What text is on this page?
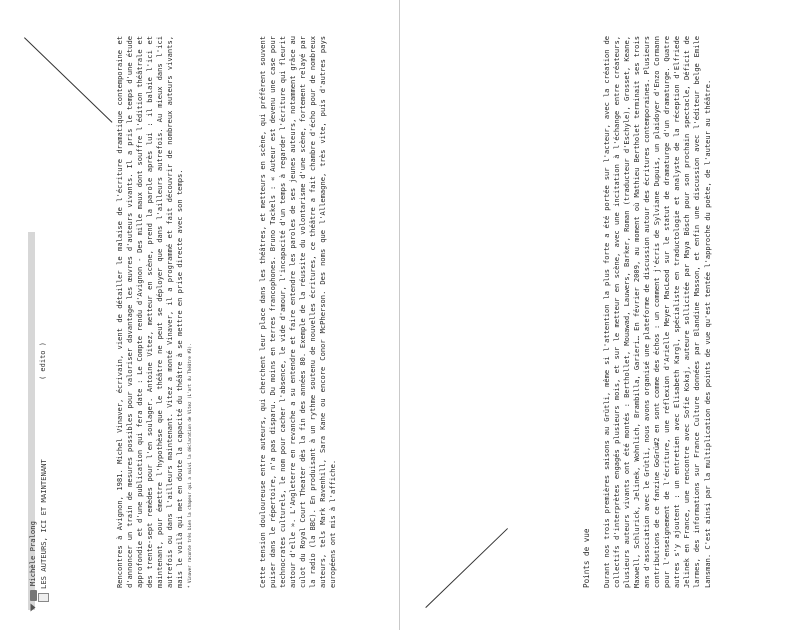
Michèle Pralong LES AUTEURS, ICI ET MAINTENANT
( edito )	Rencontres à Avignon, 1981. Michel Vinaver, écrivain, vient de détailler le malaise de l'écriture dramatique contemporaine et d'annoncer un train de mesures possibles pour valoriser davantage les œuvres d'auteurs vivants. Il a pris le temps d'une étude approfondie et d'une publication qui fera date : Le Compte rendu d'Avignon - Des mille maux dont souffre l'édition théâtrale et des trente-sept remèdes pour l'en soulager. Antoine Vitez, metteur en scène, prend la parole après lui : il balaie l'ici et maintenant, pour émettre l'hypothèse que le théâtre ne peut se déployer que dans l'ailleurs autrefois. Au mieux dans l'ici autrefois ou dans l'ailleurs maintenant. Vitez a monté Vinaver, il a programmé et fait découvrir de nombreux auteurs vivants, mais le voilà qui met en doute la capacité du théâtre à se mettre en prise directe avec son temps. * Vinaver raconte très bien la chapeur qui a suivi la déclaration de Vitez (L'art du Théâtre #3).	Cette tension douloureuse entre auteurs, qui cherchent leur place dans les théâtres, et metteurs en scène, qui préfèrent souvent puiser dans le répertoire, n'a pas disparu. Du moins en terres francophones. Bruno Tackels : « Auteur est devenu une case pour technocrates culturels, le nom pour cacher l'absence, le vide d'amour, l'incapacité d'un temps à regarder l'écriture qui fleurit autour d'elle ». L'Angleterre en revanche a su entendre et faire entendre les paroles de ses jeunes auteurs, notamment grâce au culot du Royal Court Theater dès la fin des années 80. Exemple de la réussite du volontarisme d'une scène, fortement relayé par la radio (la BBC). En produisant à un rythme soutenu de nouvelles écritures, ce théâtre a fait chambre d'écho pour de nombreux auteurs, tels Mark Ravenhill, Sara Kane ou encore Conor McPherson. Des noms que l'Allemagne, très vite, puis d'autres pays européens ont mis à l'affiche.	Points de vue Durant nos trois premières saisons au Grütli, même si l'attention la plus forte a été portée sur l'acteur, avec la création de collectifs d'interprètes engagés plusieurs mois, et sur le metteur en scène, avec une incitation à l'échange entre créateurs, plusieurs auteurs vivants ont été montés : Berthollet, Mouawad, Lauwers, Barker, Roman (traducteur d'Eschyle), Grosset, Keane, Maxwell, Schlurick, Jelinek, Wohnlich, Brambilla, Garieri… En février 2009, au moment où Mathieu Bertholet terminait ses trois ans d'association avec le Grütli, nous avons organisé une plateforme de discussion autour des écritures contemporaines. Plusieurs contributions de ce fanzine GoGrü#2 en sont comme des échos : un comment j'écris de Sylviane Dupuis, un plaidoyer d'Enzo Cormann pour l'enseignement de l'écriture, une réflexion d'Arielle Meyer MacLeod sur le statut de dramaturge d'un dramaturge. Quatre autres s'y ajoutent : un entretien avec Elisabeth Kargl, spécialiste en traductologie et analyste de la réception d'Elfriede Jelinek en France, une rencontre avec Sofie Kokaj, auteure sollicitée par Maya Bösch pour son prochain spectacle, Déficit de larmes, des informations sur France Culture données par Blandine Masson, et enfin une discussion avec l'éditeur belge Emile Lansman. C'est ainsi par la multiplication des points de vue qu'est tentée l'approche du poète, de l'auteur au théâtre.
